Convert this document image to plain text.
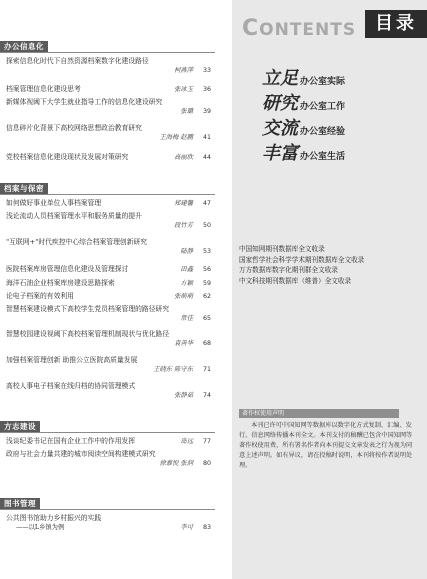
办公信息化
探索信息化时代下自然资源档案数字化建设路径
柯燕萍 33
档案管理信息化建设思考	张冰玉 36
新媒体视阈下大学生就业指导工作的信息化建设研究
张璐 39
信息碎片化背景下高校网络思想政治教育研究
王海梅 赵鹏 41
党校档案信息化建设现状及发展对策研究	高丽欣 44
档案与保密
如何做好事业单位人事档案管理	郑建馨 47
浅论流动人员档案管理水平和服务质量的提升
段竹芳 50
"互联网+"时代疾控中心综合档案管理创新研究
陆静 53
医院档案库房管理信息化建设及管理探讨	田鑫 56
海洋石油企业档案库房建设思路探索	方颖 59
论电子档案的有效利用	张萌萌 62
智慧档案建设模式下高校学生党员档案管理的路径研究
常佳 65
智慧校园建设视阈下高校档案管理机制现状与优化路径
袁善华 68
加强档案管理创新 助推公立医院高质量发展
王晓东 陈守东 71
高校人事电子档案在线归档的协同管理模式
张静茹 74
方志建设
浅谈纪委书记在国有企业工作中的作用发挥	岛远 77
政府与社会力量共建的城市阅读空间构建模式研究
徐慕悦 张润 80
图书管理
公共图书馆助力乡村振兴的实践
——以L乡镇为例	李可 83
CONTENTS	目录
立足 办公室实际
研究 办公室工作
交流 办公室经验
丰富 办公室生活
中国知网期刊数据库全文收录
国家哲学社会科学学术期刊数据库全文收录
万方数据库数字化期刊群全文收录
中文科技期刊数据库（维普）全文收录
著作权使用声明
本刊已许可中国知网等数据库以数字化方式复制、汇编、发行、信息网络传播本刊全文。本刊支付的稿酬已包含中国知网等著作权使用费，所有署名作者向本刊提交文章发表之行为视为同意上述声明。如有异议，请在投稿时说明，本刊将按作者说明处理。
